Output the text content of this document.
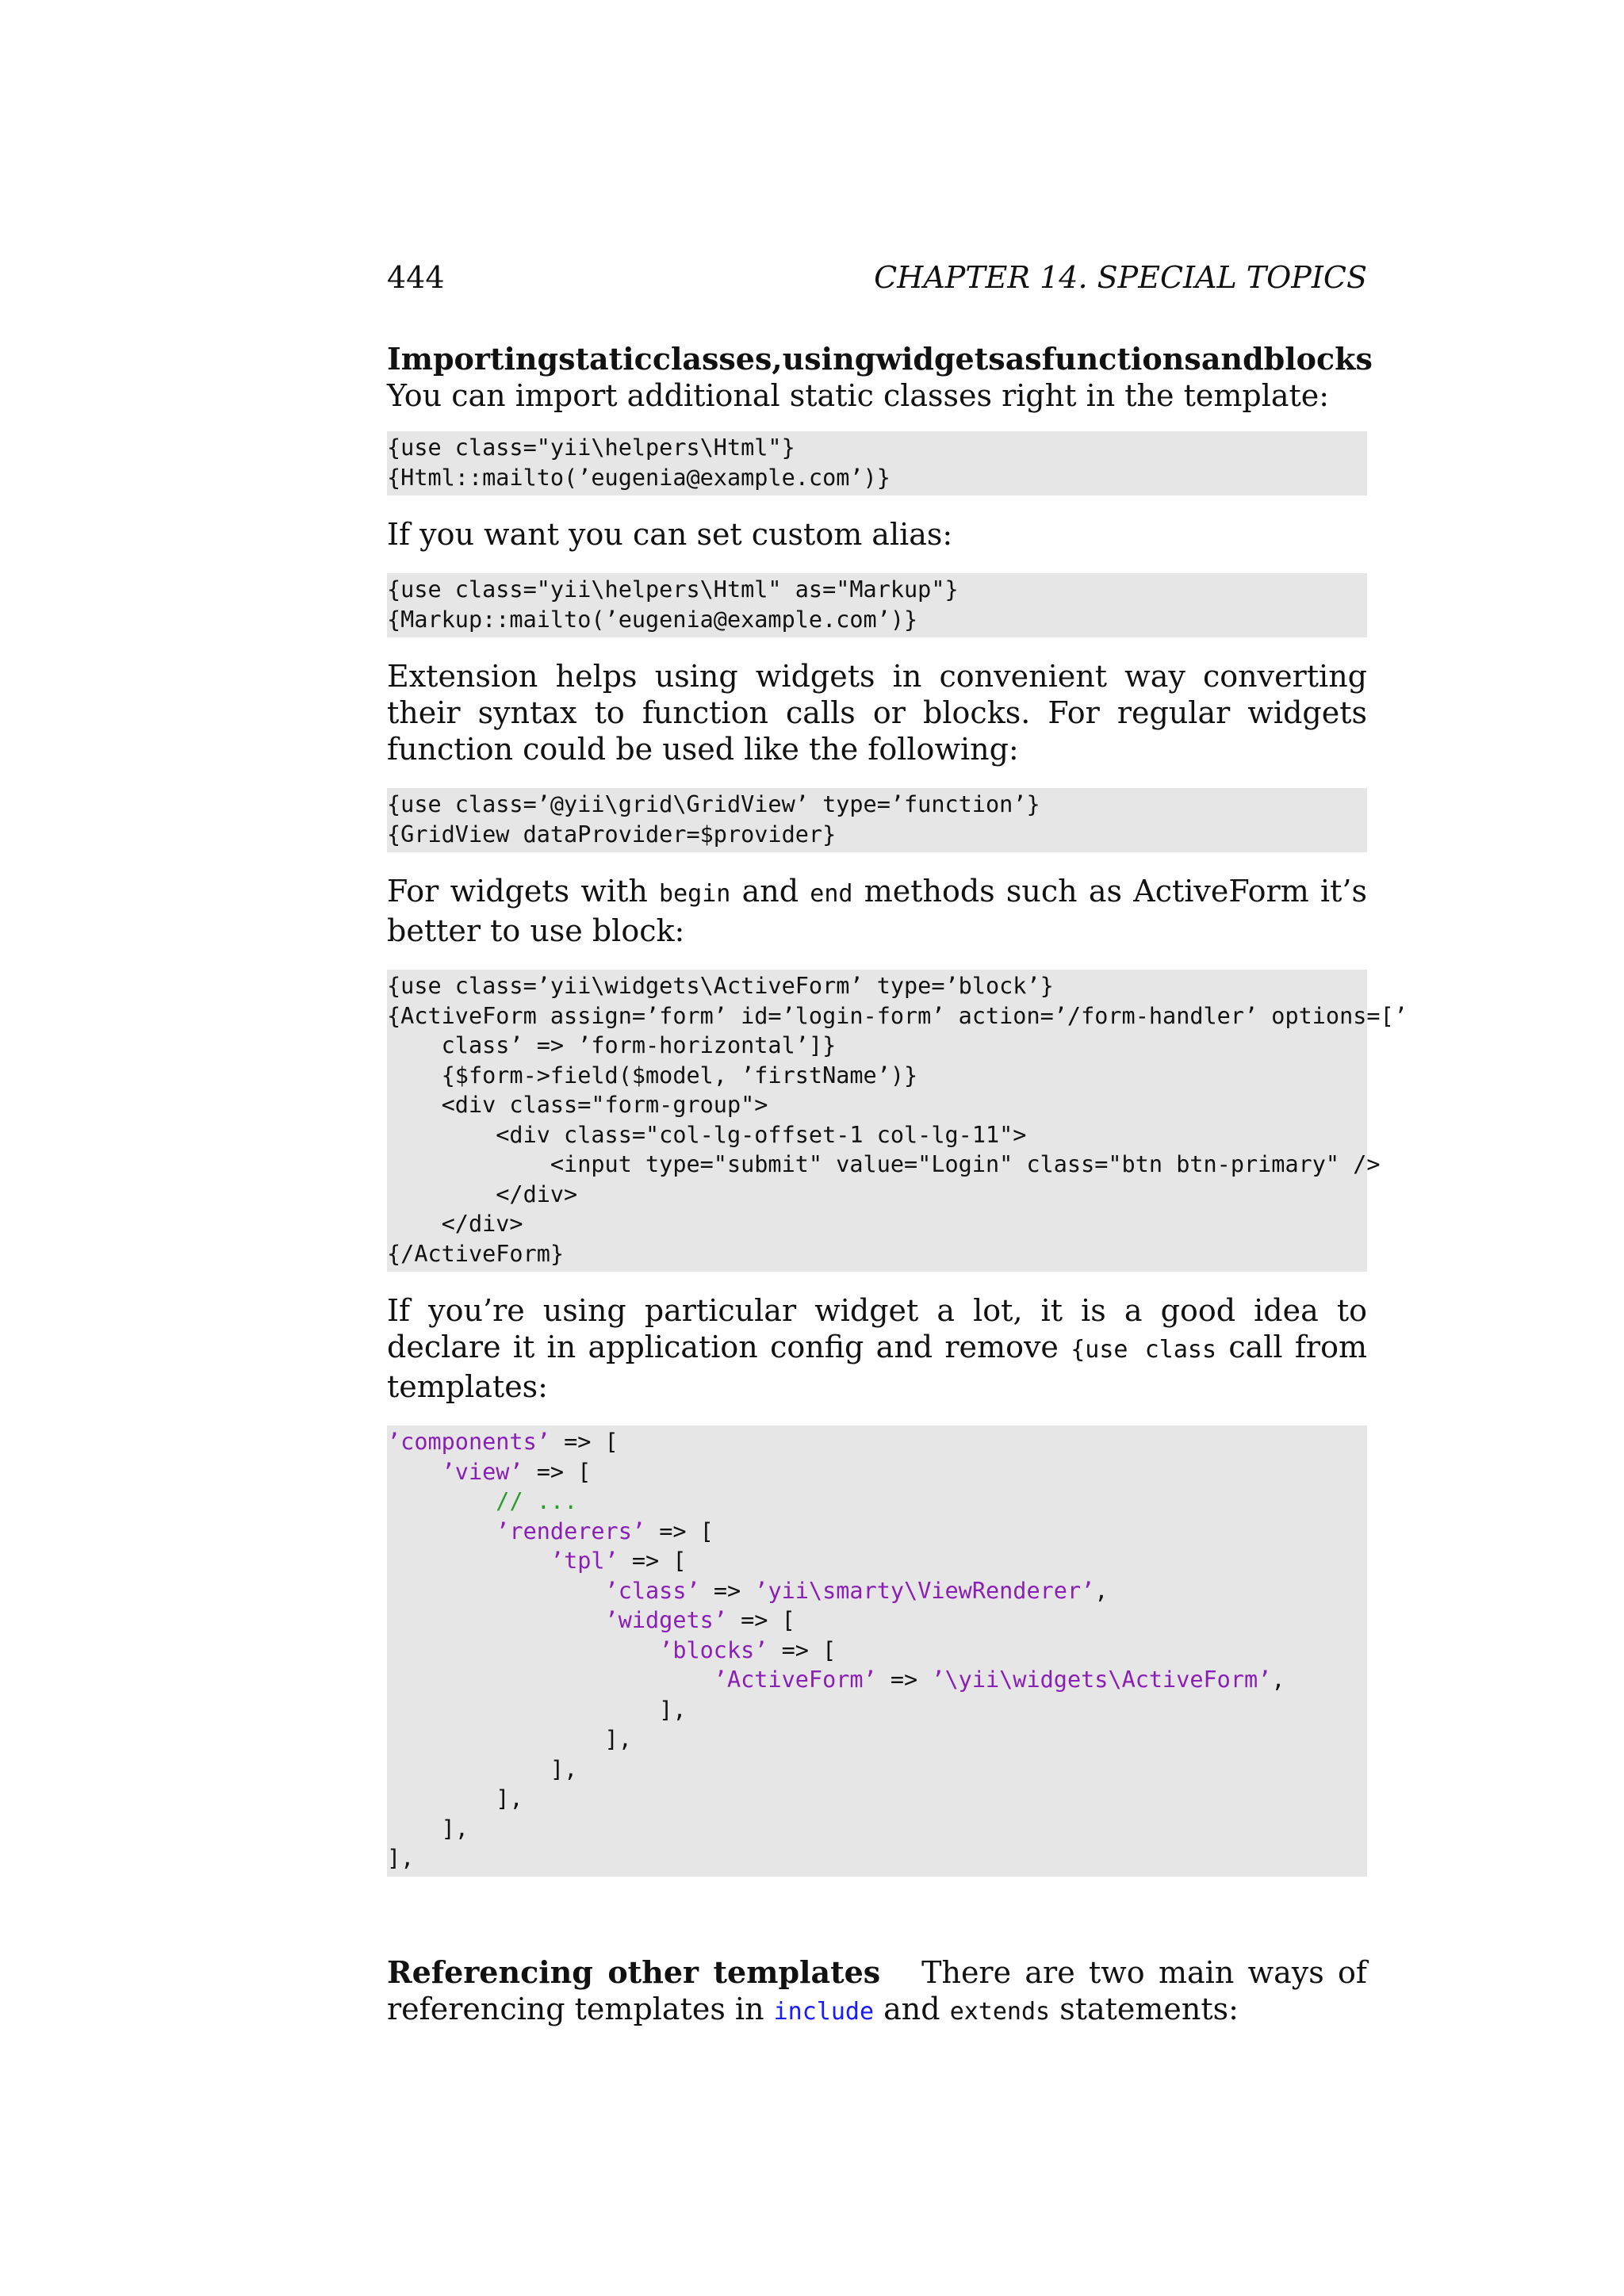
444	CHAPTER 14. SPECIAL TOPICS
Importing static classes, using widgets as functions and blocks

You can import additional static classes right in the template:

{use class="yii\helpers\Html"}
{Html::mailto(’eugenia@example.com’)}

If you want you can set custom alias:

{use class="yii\helpers\Html" as="Markup"}
{Markup::mailto(’eugenia@example.com’)}

Extension helps using widgets in convenient way converting their syntax to function calls or blocks. For regular widgets function could be used like the following:

{use class=’@yii\grid\GridView’ type=’function’}
{GridView dataProvider=$provider}

For widgets with begin and end methods such as ActiveForm it’s better to use block:

{use class=’yii\widgets\ActiveForm’ type=’block’}
{ActiveForm assign=’form’ id=’login-form’ action=’/form-handler’ options=[’
class’ => ’form-horizontal’]}
{$form->field($model, ’firstName’)}
<div class="form-group">
<div class="col-lg-offset-1 col-lg-11">
<input type="submit" value="Login" class="btn btn-primary" />
</div>
</div>
{/ActiveForm}

If you’re using particular widget a lot, it is a good idea to declare it in application config and remove {use class call from templates:

’components’ => [
’view’ => [
// ...
’renderers’ => [
’tpl’ => [
’class’ => ’yii\smarty\ViewRenderer’,
’widgets’ => [
’blocks’ => [
’ActiveForm’ => ’\yii\widgets\ActiveForm’,
],
],
],
],
],
],

Referencing other templates There are two main ways of referencing templates in include and extends statements:
